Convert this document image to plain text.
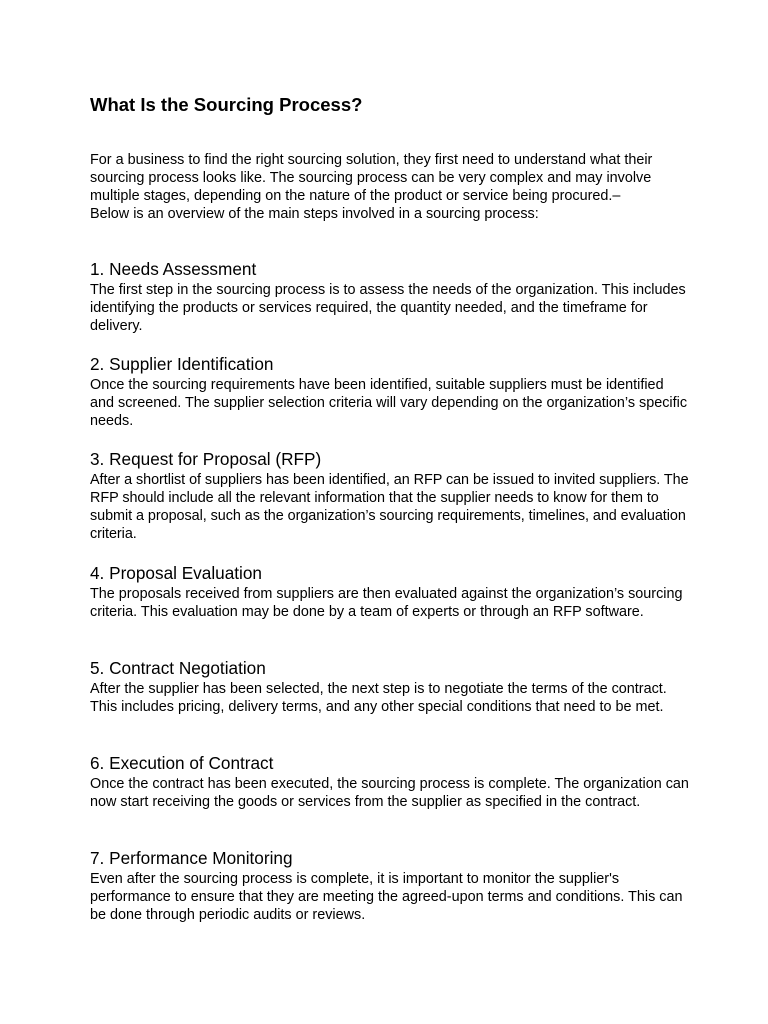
What Is the Sourcing Process?

For a business to find the right sourcing solution, they first need to understand what their sourcing process looks like. The sourcing process can be very complex and may involve multiple stages, depending on the nature of the product or service being procured.–

Below is an overview of the main steps involved in a sourcing process:

1. Needs Assessment

The first step in the sourcing process is to assess the needs of the organization. This includes identifying the products or services required, the quantity needed, and the timeframe for delivery.

2. Supplier Identification

Once the sourcing requirements have been identified, suitable suppliers must be identified and screened. The supplier selection criteria will vary depending on the organization’s specific needs.

3. Request for Proposal (RFP)

After a shortlist of suppliers has been identified, an RFP can be issued to invited suppliers. The RFP should include all the relevant information that the supplier needs to know for them to submit a proposal, such as the organization’s sourcing requirements, timelines, and evaluation criteria.

4. Proposal Evaluation

The proposals received from suppliers are then evaluated against the organization’s sourcing criteria. This evaluation may be done by a team of experts or through an RFP software.

5. Contract Negotiation

After the supplier has been selected, the next step is to negotiate the terms of the contract. This includes pricing, delivery terms, and any other special conditions that need to be met.

6. Execution of Contract

Once the contract has been executed, the sourcing process is complete. The organization can now start receiving the goods or services from the supplier as specified in the contract.

7. Performance Monitoring

Even after the sourcing process is complete, it is important to monitor the supplier's performance to ensure that they are meeting the agreed-upon terms and conditions. This can be done through periodic audits or reviews.
